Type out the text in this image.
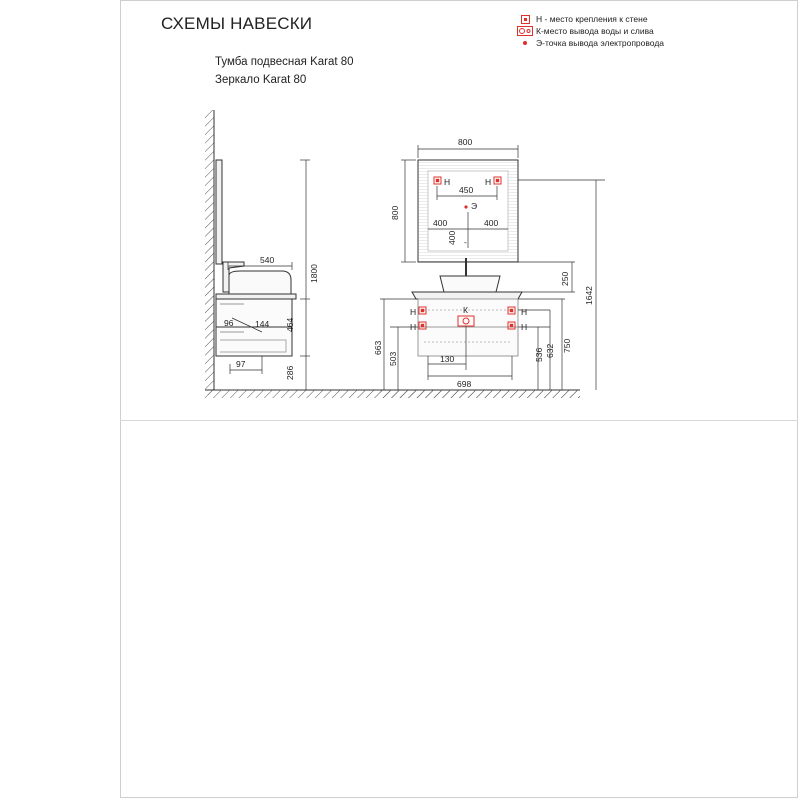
СХЕМЫ НАВЕСКИ
Тумба подвесная Karat 80
Зеркало Karat 80
Н - место крепления к стене
К-место вывода воды и слива
Э-точка вывода электропровода
540
1800
464
286
96	144
97
Н	Н
Н	Н
Н	Н
К
Э
-
800
800
450
400	400
400
250
1642
750
632
536
663
503	130
698
